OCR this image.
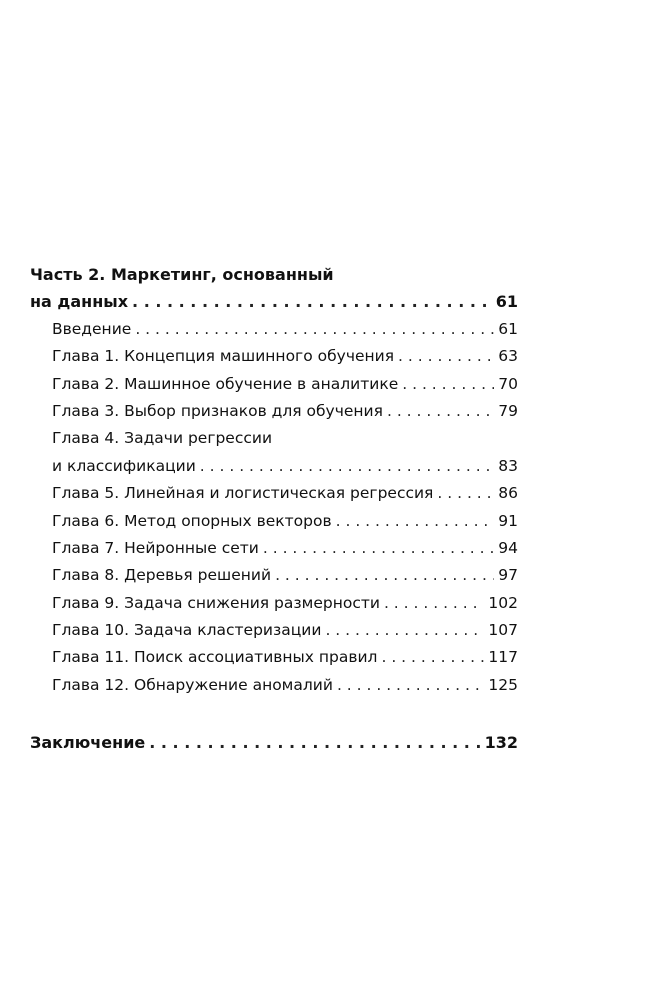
Часть 2. Маркетинг, основанный
на данных . . .	61
Введение . . .	61
Глава 1. Концепция машинного обучения . . .	63
Глава 2. Машинное обучение в аналитике . . .	70
Глава 3. Выбор признаков для обучения . . .	79
Глава 4. Задачи регрессии
и классификации . . .	83
Глава 5. Линейная и логистическая регрессия . . .	86
Глава 6. Метод опорных векторов . . .	91
Глава 7. Нейронные сети . . .	94
Глава 8. Деревья решений . . .	97
Глава 9. Задача снижения размерности . . .	102
Глава 10. Задача кластеризации . . .	107
Глава 11. Поиск ассоциативных правил . . .	117
Глава 12. Обнаружение аномалий . . .	125
Заключение . . .	132
